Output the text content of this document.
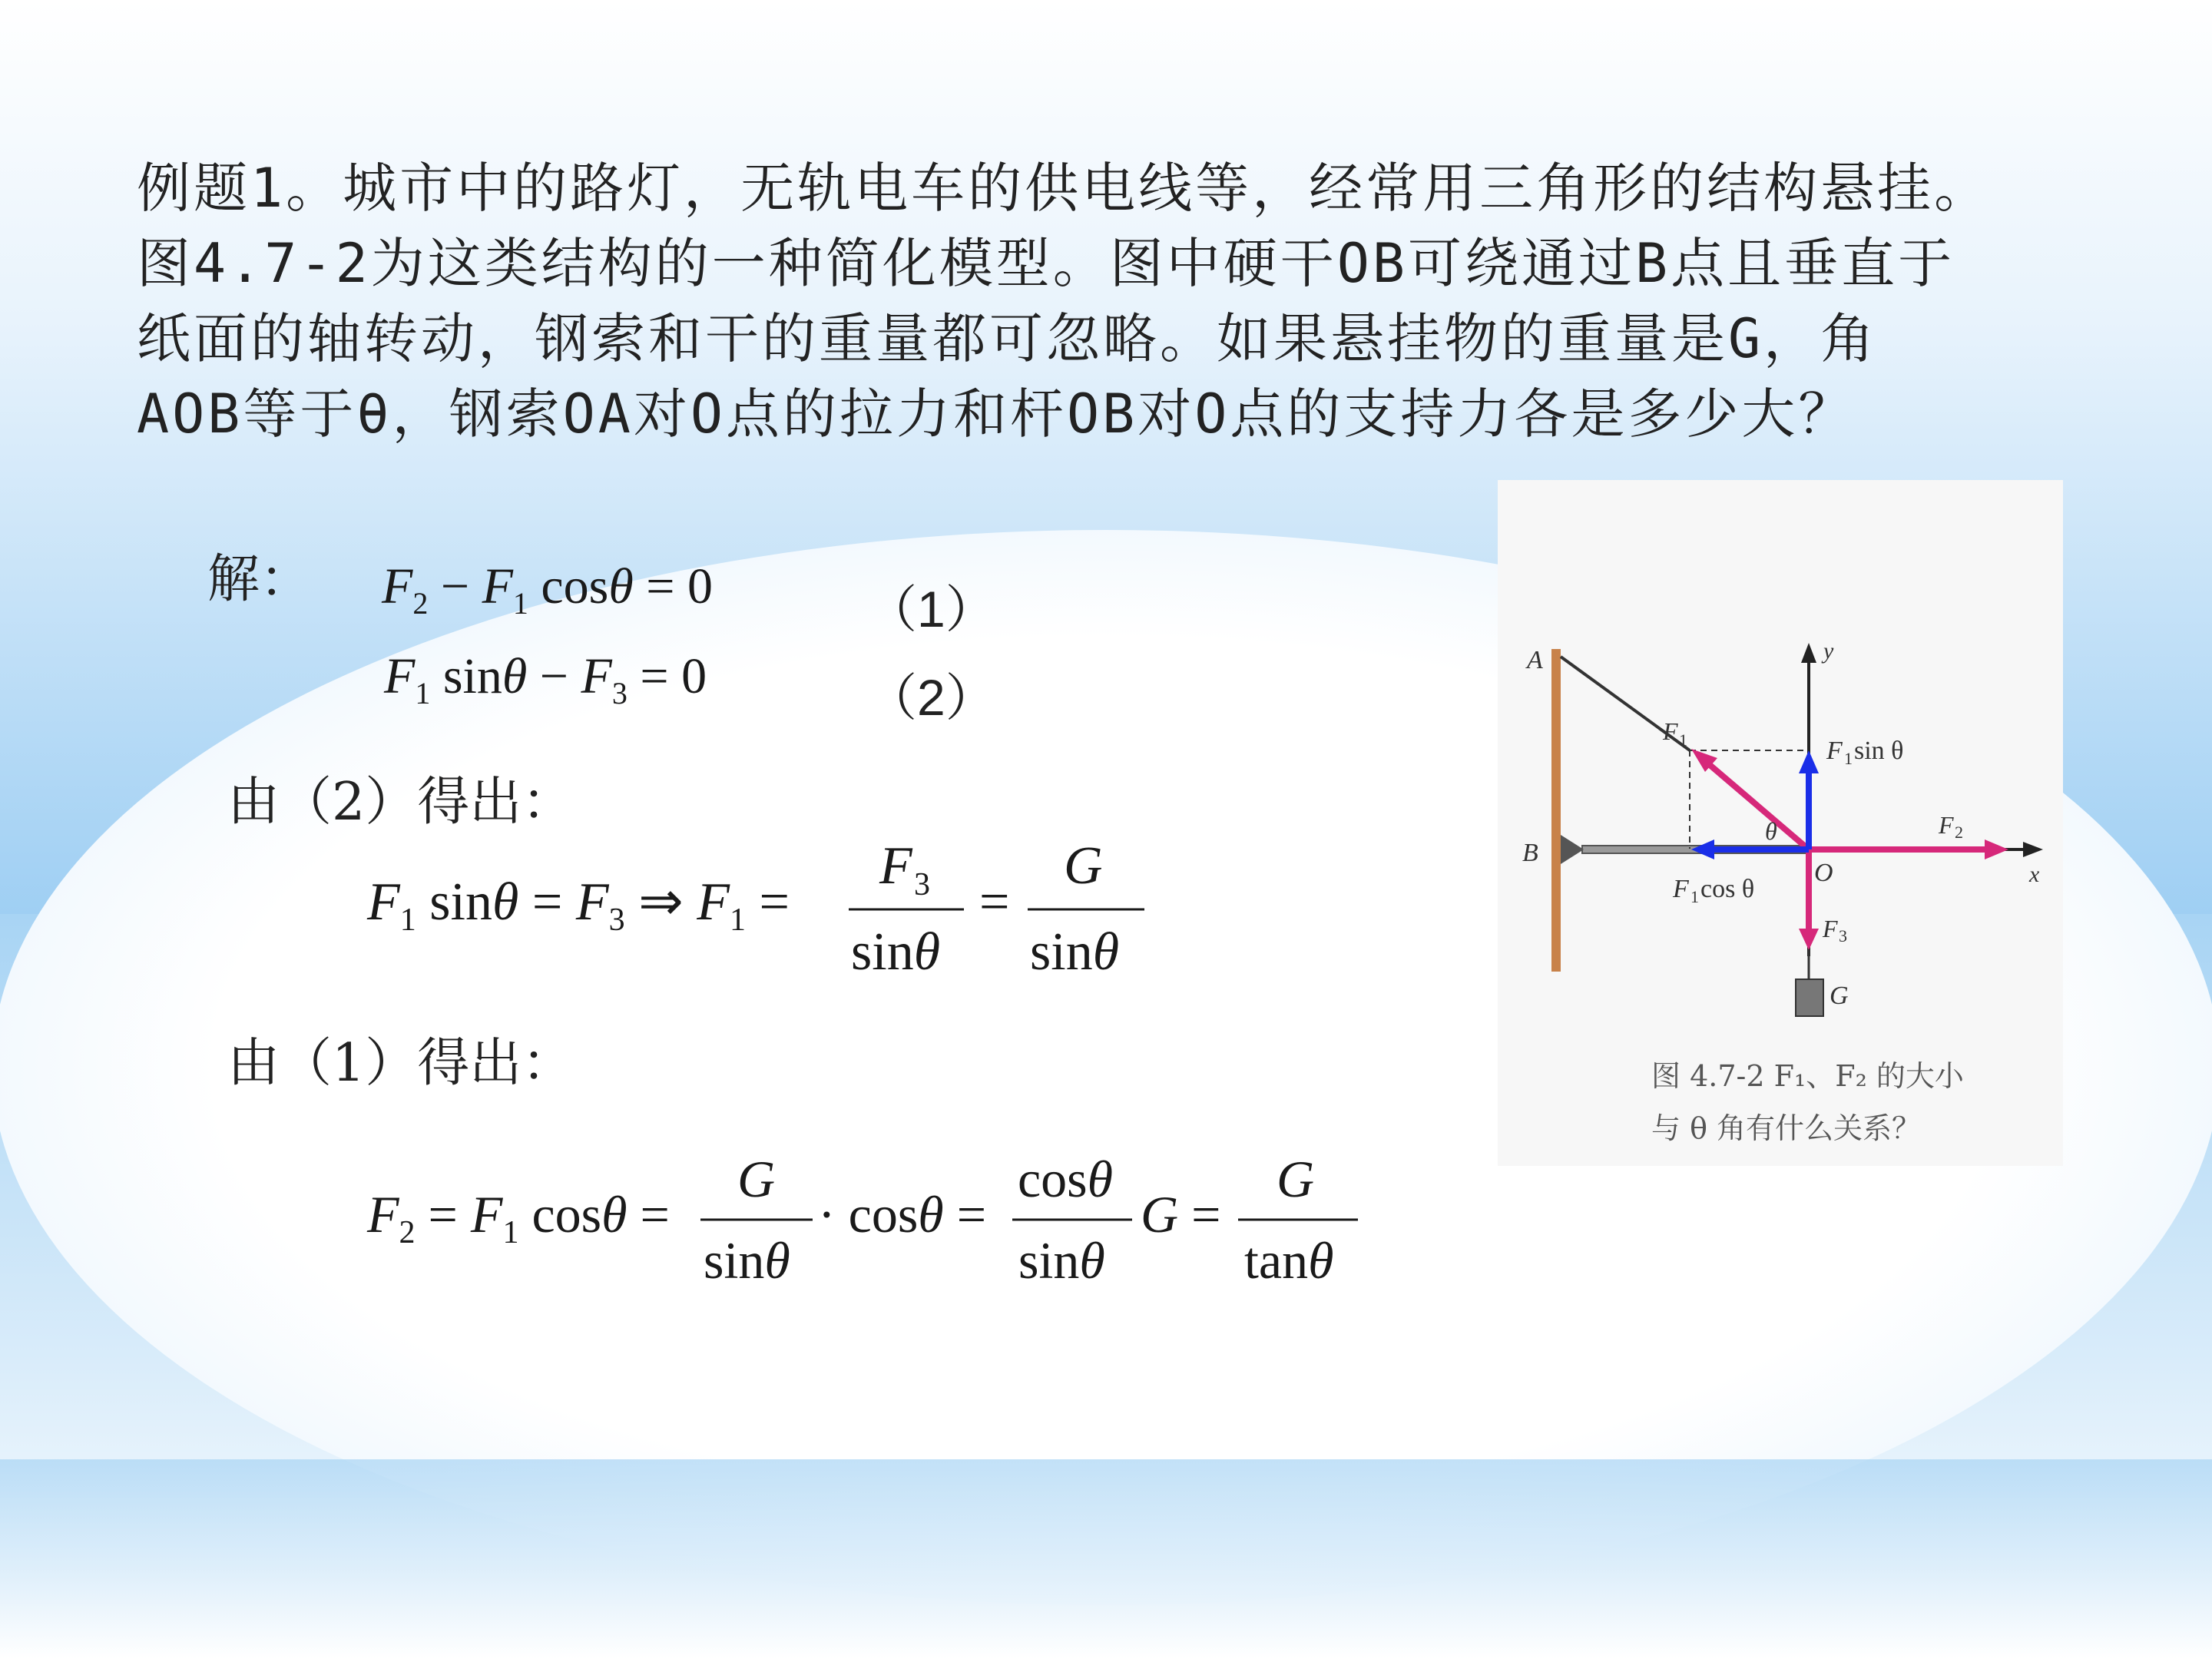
例题1。城市中的路灯，无轨电车的供电线等，经常用三角形的结构悬挂。
图4.7-2为这类结构的一种简化模型。图中硬干OB可绕通过B点且垂直于
纸面的轴转动，钢索和干的重量都可忽略。如果悬挂物的重量是G，角
AOB等于θ，钢索OA对O点的拉力和杆OB对O点的支持力各是多少大？
解：	（1）
（2）
由（2）得出：
由（1）得出：
$F_2 - F_1$ cosθ = 0
$F_1$ $\sin\theta - F_3 = 0$
$F_1$ $\sin\theta = F_3$ ⇒ $F_1$ =
F 3
sinθ
=
G
sinθ
$F_2 = F_1$ cosθ =
G
sinθ
· cosθ =
cosθ
sinθ
G =
G
tanθ
A
B
O	x
y
G
F
F
F
θ
F
F
1
2
3
1
1
sin θ
cos θ
图 4.7-2 F₁、F₂ 的大小
与 θ 角有什么关系？
